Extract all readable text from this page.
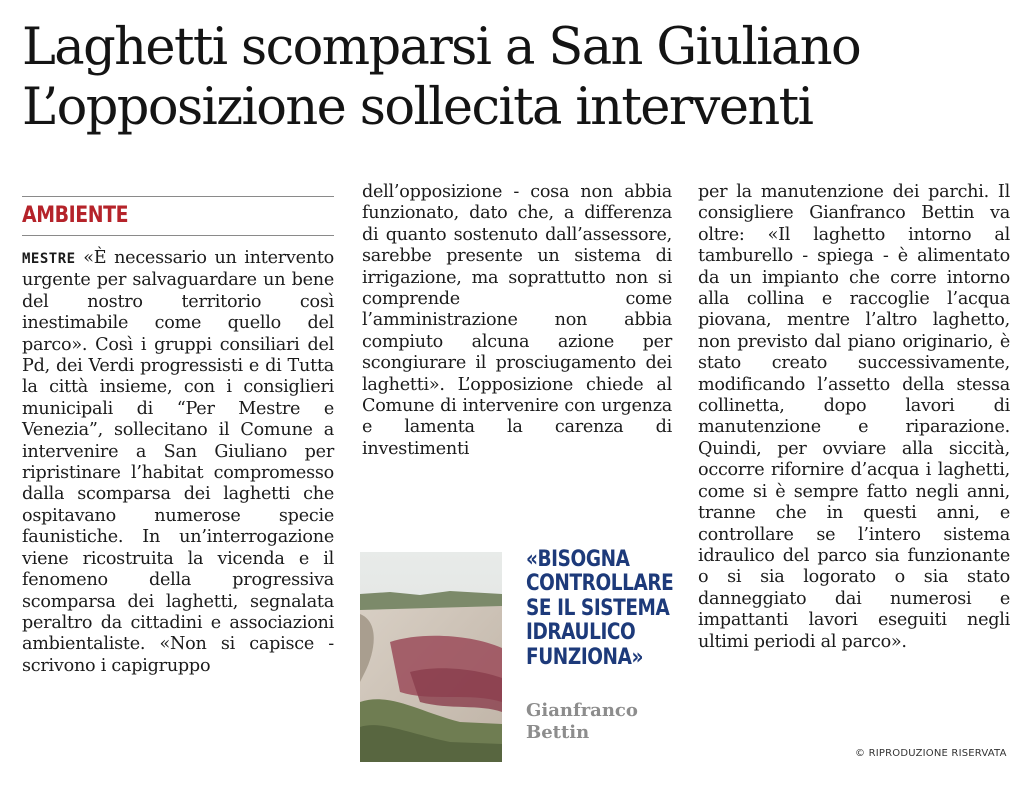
Laghetti scomparsi a San Giuliano
L’opposizione sollecita interventi
AMBIENTE

MESTRE «È necessario un intervento urgente per salvaguardare un bene del nostro territorio così inestimabile come quello del parco». Così i gruppi consiliari del Pd, dei Verdi progressisti e di Tutta la città insieme, con i consiglieri municipali di “Per Mestre e Venezia”, sollecitano il Comune a intervenire a San Giuliano per ripristinare l’habitat compromesso dalla scomparsa dei laghetti che ospitavano numerose specie faunistiche. In un’interrogazione viene ricostruita la vicenda e il fenomeno della progressiva scomparsa dei laghetti, segnalata peraltro da cittadini e associazioni ambientaliste. «Non si capisce - scrivono i capigruppo

dell’opposizione - cosa non abbia funzionato, dato che, a differenza di quanto sostenuto dall’assessore, sarebbe presente un sistema di irrigazione, ma soprattutto non si comprende come l’amministrazione non abbia compiuto alcuna azione per scongiurare il prosciugamento dei laghetti». L’opposizione chiede al Comune di intervenire con urgenza e lamenta la carenza di investimenti

«BISOGNA
CONTROLLARE
SE IL SISTEMA
IDRAULICO
FUNZIONA»
Gianfranco
Bettin

per la manutenzione dei parchi. Il consigliere Gianfranco Bettin va oltre: «Il laghetto intorno al tamburello - spiega - è alimentato da un impianto che corre intorno alla collina e raccoglie l’acqua piovana, mentre l’altro laghetto, non previsto dal piano originario, è stato creato successivamente, modificando l’assetto della stessa collinetta, dopo lavori di manutenzione e riparazione. Quindi, per ovviare alla siccità, occorre rifornire d’acqua i laghetti, come si è sempre fatto negli anni, tranne che in questi anni, e controllare se l’intero sistema idraulico del parco sia funzionante o si sia logorato o sia stato danneggiato dai numerosi e impattanti lavori eseguiti negli ultimi periodi al parco».

© RIPRODUZIONE RISERVATA
